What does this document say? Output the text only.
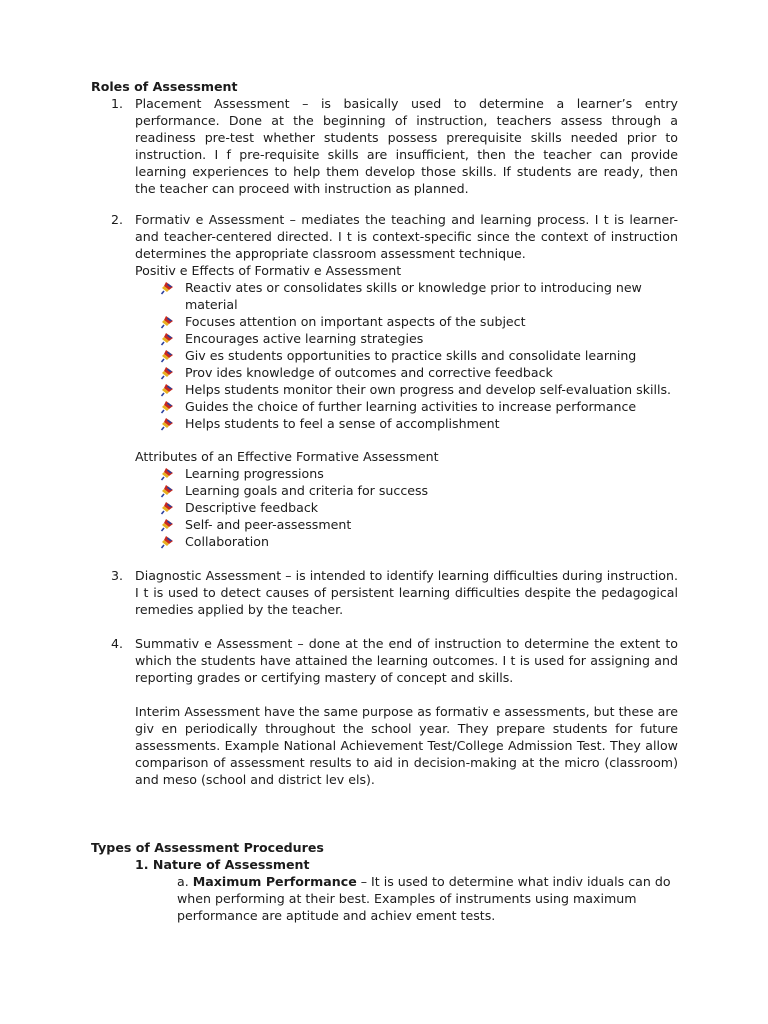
Roles of Assessment

1. Placement Assessment – is basically used to determine a learner’s entry performance. Done at the beginning of instruction, teachers assess through a readiness pre-test whether students possess prerequisite skills needed prior to instruction. I f pre-requisite skills are insufficient, then the teacher can provide learning experiences to help them develop those skills. If students are ready, then the teacher can proceed with instruction as planned.

2. Formativ e Assessment – mediates the teaching and learning process. I t is learner-and teacher-centered directed. I t is context-specific since the context of instruction determines the appropriate classroom assessment technique.

Positiv e Effects of Formativ e Assessment

Reactiv ates or consolidates skills or knowledge prior to introducing new material
Focuses attention on important aspects of the subject
Encourages active learning strategies
Giv es students opportunities to practice skills and consolidate learning
Prov ides knowledge of outcomes and corrective feedback
Helps students monitor their own progress and develop self-evaluation skills.
Guides the choice of further learning activities to increase performance
Helps students to feel a sense of accomplishment

Attributes of an Effective Formative Assessment

Learning progressions
Learning goals and criteria for success
Descriptive feedback
Self- and peer-assessment
Collaboration
3. Diagnostic Assessment – is intended to identify learning difficulties during instruction. I t is used to detect causes of persistent learning difficulties despite the pedagogical remedies applied by the teacher.

4. Summativ e Assessment – done at the end of instruction to determine the extent to which the students have attained the learning outcomes. I t is used for assigning and reporting grades or certifying mastery of concept and skills.

Interim Assessment have the same purpose as formativ e assessments, but these are giv en periodically throughout the school year. They prepare students for future assessments. Example National Achievement Test/College Admission Test. They allow comparison of assessment results to aid in decision-making at the micro (classroom) and meso (school and district lev els).

Types of Assessment Procedures

1. Nature of Assessment

a. Maximum Performance – It is used to determine what indiv iduals can do when performing at their best. Examples of instruments using maximum performance are aptitude and achiev ement tests.
